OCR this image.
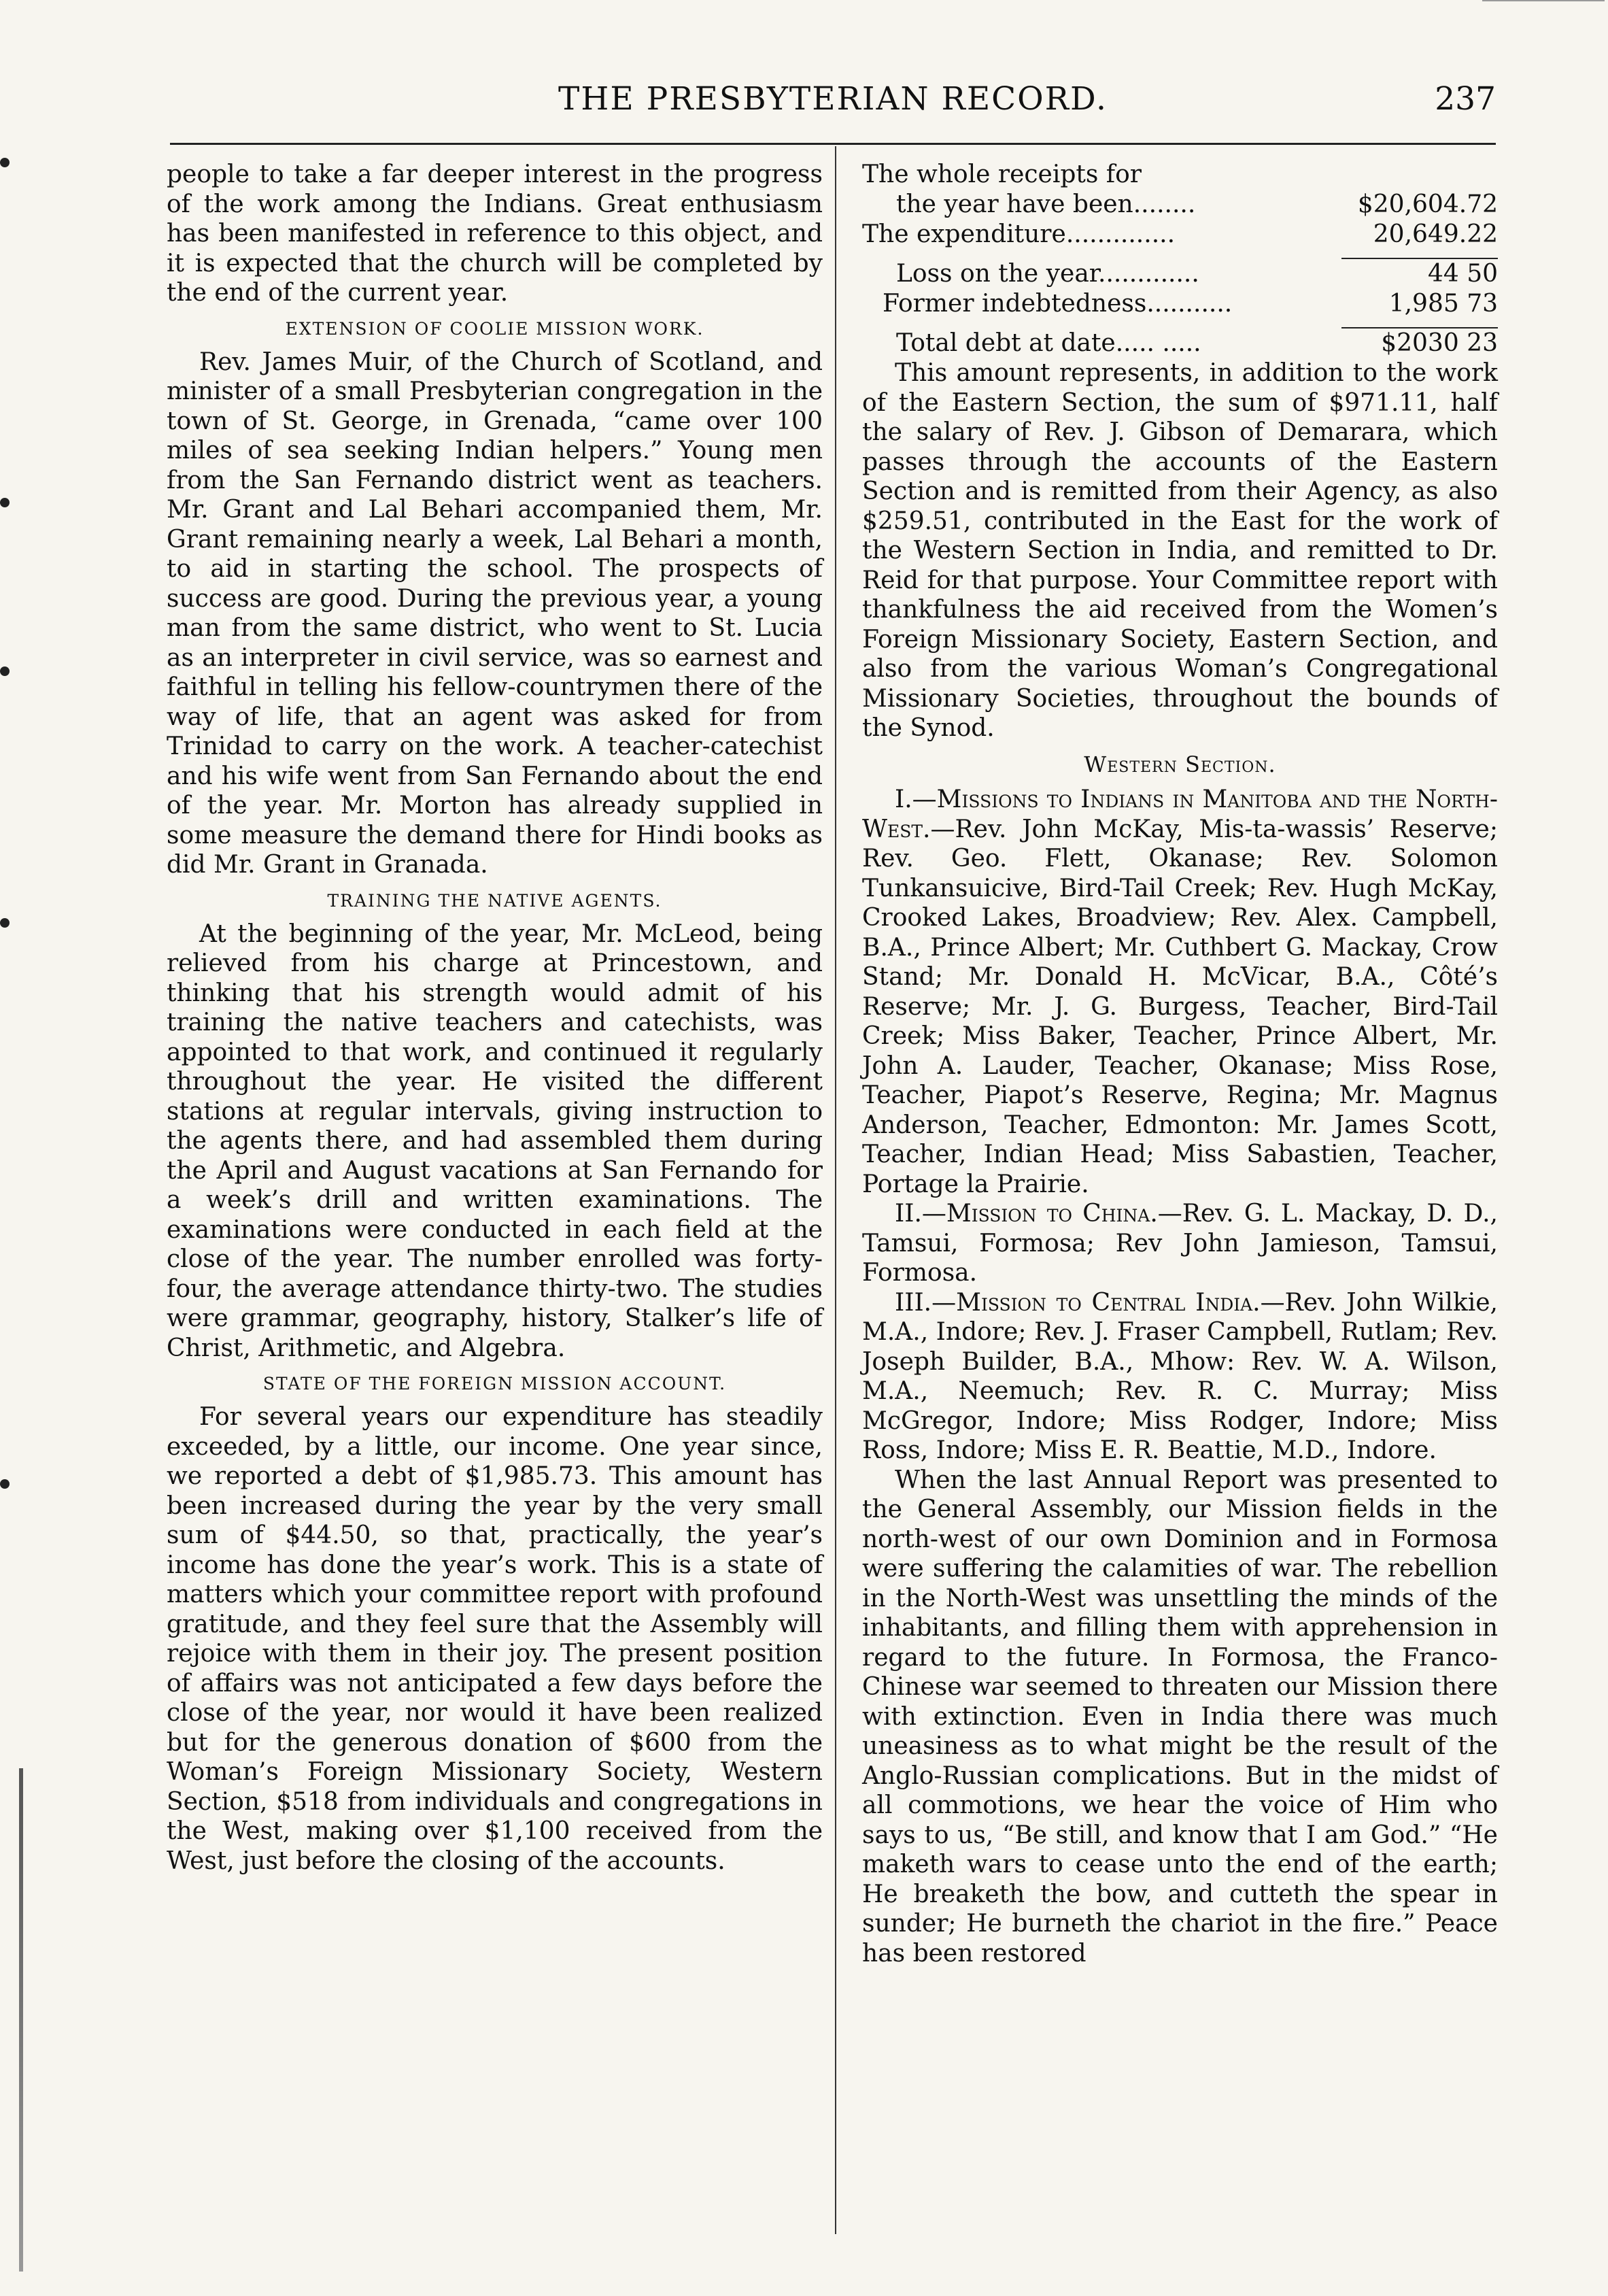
THE PRESBYTERIAN RECORD.	237

people to take a far deeper interest in the progress of the work among the Indians. Great enthusiasm has been manifested in reference to this object, and it is expected that the church will be completed by the end of the current year.

EXTENSION OF COOLIE MISSION WORK.

Rev. James Muir, of the Church of Scotland, and minister of a small Presbyterian congregation in the town of St. George, in Grenada, “came over 100 miles of sea seeking Indian helpers.” Young men from the San Fernando district went as teachers. Mr. Grant and Lal Behari accompanied them, Mr. Grant remaining nearly a week, Lal Behari a month, to aid in starting the school. The prospects of success are good. During the previous year, a young man from the same district, who went to St. Lucia as an interpreter in civil service, was so earnest and faithful in telling his fellow-countrymen there of the way of life, that an agent was asked for from Trinidad to carry on the work. A teacher-catechist and his wife went from San Fernando about the end of the year. Mr. Morton has already supplied in some measure the demand there for Hindi books as did Mr. Grant in Granada.

TRAINING THE NATIVE AGENTS.

At the beginning of the year, Mr. McLeod, being relieved from his charge at Princestown, and thinking that his strength would admit of his training the native teachers and catechists, was appointed to that work, and continued it regularly throughout the year. He visited the different stations at regular intervals, giving instruction to the agents there, and had assembled them during the April and August vacations at San Fernando for a week’s drill and written examinations. The examinations were conducted in each field at the close of the year. The number enrolled was forty-four, the average attendance thirty-two. The studies were grammar, geography, history, Stalker’s life of Christ, Arithmetic, and Algebra.

STATE OF THE FOREIGN MISSION ACCOUNT.

For several years our expenditure has steadily exceeded, by a little, our income. One year since, we reported a debt of $1,985.73. This amount has been increased during the year by the very small sum of $44.50, so that, practically, the year’s income has done the year’s work. This is a state of matters which your committee report with profound gratitude, and they feel sure that the Assembly will rejoice with them in their joy. The present position of affairs was not anticipated a few days before the close of the year, nor would it have been realized but for the generous donation of $600 from the Woman’s Foreign Missionary Society, Western Section, $518 from individuals and congregations in the West, making over $1,100 received from the West, just before the closing of the accounts.

The whole receipts for	
the year have been........	$20,604.72
The expenditure..............	20,649.22

Loss on the year.............	44 50
Former indebtedness...........	1,985 73

Total debt at date..... .....	$2030 23

This amount represents, in addition to the work of the Eastern Section, the sum of $971.11, half the salary of Rev. J. Gibson of Demarara, which passes through the accounts of the Eastern Section and is remitted from their Agency, as also $259.51, contributed in the East for the work of the Western Section in India, and remitted to Dr. Reid for that purpose. Your Committee report with thankfulness the aid received from the Women’s Foreign Missionary Society, Eastern Section, and also from the various Woman’s Congregational Missionary Societies, throughout the bounds of the Synod.

Western Section.

I.—Missions to Indians in Manitoba and the North-West.—Rev. John McKay, Mis-ta-wassis’ Reserve; Rev. Geo. Flett, Okanase; Rev. Solomon Tunkansuicive, Bird-Tail Creek; Rev. Hugh McKay, Crooked Lakes, Broadview; Rev. Alex. Campbell, B.A., Prince Albert; Mr. Cuthbert G. Mackay, Crow Stand; Mr. Donald H. McVicar, B.A., Côté’s Reserve; Mr. J. G. Burgess, Teacher, Bird-Tail Creek; Miss Baker, Teacher, Prince Albert, Mr. John A. Lauder, Teacher, Okanase; Miss Rose, Teacher, Piapot’s Reserve, Regina; Mr. Magnus Anderson, Teacher, Edmonton: Mr. James Scott, Teacher, Indian Head; Miss Sabastien, Teacher, Portage la Prairie.

II.—Mission to China.—Rev. G. L. Mackay, D. D., Tamsui, Formosa; Rev John Jamieson, Tamsui, Formosa.

III.—Mission to Central India.—Rev. John Wilkie, M.A., Indore; Rev. J. Fraser Campbell, Rutlam; Rev. Joseph Builder, B.A., Mhow: Rev. W. A. Wilson, M.A., Neemuch; Rev. R. C. Murray; Miss McGregor, Indore; Miss Rodger, Indore; Miss Ross, Indore; Miss E. R. Beattie, M.D., Indore.

When the last Annual Report was presented to the General Assembly, our Mission fields in the north-west of our own Dominion and in Formosa were suffering the calamities of war. The rebellion in the North-West was unsettling the minds of the inhabitants, and filling them with apprehension in regard to the future. In Formosa, the Franco-Chinese war seemed to threaten our Mission there with extinction. Even in India there was much uneasiness as to what might be the result of the Anglo-Russian complications. But in the midst of all commotions, we hear the voice of Him who says to us, “Be still, and know that I am God.” “He maketh wars to cease unto the end of the earth; He breaketh the bow, and cutteth the spear in sunder; He burneth the chariot in the fire.” Peace has been restored
